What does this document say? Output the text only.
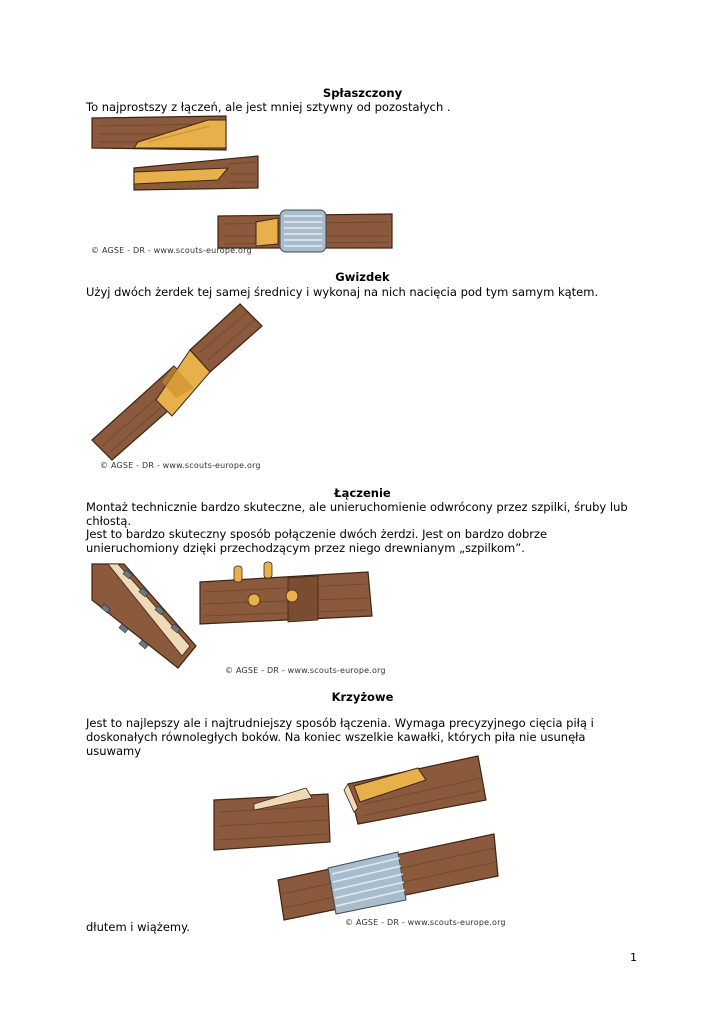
Spłaszczony
To najprostszy z łączeń, ale jest mniej sztywny od pozostałych .
© AGSE - DR - www.scouts-europe.org
Gwizdek
Użyj dwóch żerdek tej samej średnicy i wykonaj na nich nacięcia pod tym samym kątem.
© AGSE - DR - www.scouts-europe.org
Łączenie
Montaż technicznie bardzo skuteczne, ale unieruchomienie odwrócony przez szpilki, śruby lub chłostą.
Jest to bardzo skuteczny sposób połączenie dwóch żerdzi. Jest on bardzo dobrze unieruchomiony dzięki przechodzącym przez niego drewnianym „szpilkom”.
© AGSE - DR - www.scouts-europe.org
Krzyżowe
Jest to najlepszy ale i najtrudniejszy sposób łączenia. Wymaga precyzyjnego cięcia piłą i doskonałych równoległych boków. Na koniec wszelkie kawałki, których piła nie usunęła usuwamy
© AGSE - DR - www.scouts-europe.org
dłutem i wiążemy.
1
